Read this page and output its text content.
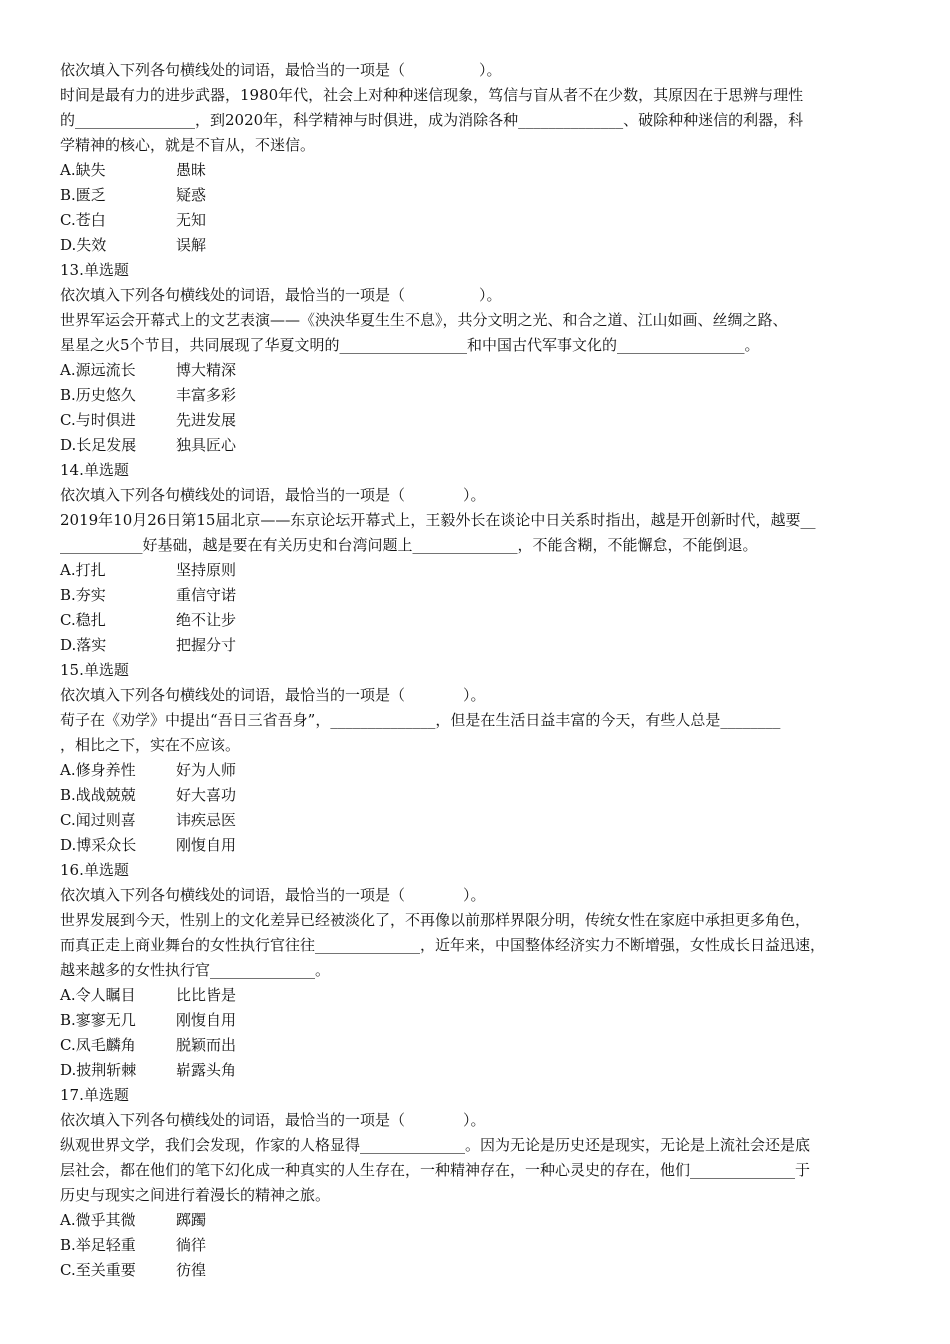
依次填入下列各句横线处的词语，最恰当的一项是（	）。
时间是最有力的进步武器，1980年代，社会上对种种迷信现象，笃信与盲从者不在少数，其原因在于思辨与理性
的________________，到2020年，科学精神与时俱进，成为消除各种______________、破除种种迷信的利器，科
学精神的核心，就是不盲从，不迷信。
A.缺失	愚昧
B.匮乏	疑惑
C.苍白	无知
D.失效	误解
13.单选题
依次填入下列各句横线处的词语，最恰当的一项是（	）。
世界军运会开幕式上的文艺表演——《泱泱华夏生生不息》，共分文明之光、和合之道、江山如画、丝绸之路、
星星之火5个节目，共同展现了华夏文明的_________________和中国古代军事文化的_________________。
A.源远流长	博大精深
B.历史悠久	丰富多彩
C.与时俱进	先进发展
D.长足发展	独具匠心
14.单选题
依次填入下列各句横线处的词语，最恰当的一项是（	）。
2019年10月26日第15届北京——东京论坛开幕式上，王毅外长在谈论中日关系时指出，越是开创新时代，越要__
___________好基础，越是要在有关历史和台湾问题上______________，不能含糊，不能懈怠，不能倒退。
A.打扎	坚持原则
B.夯实	重信守诺
C.稳扎	绝不让步
D.落实	把握分寸
15.单选题
依次填入下列各句横线处的词语，最恰当的一项是（	）。
荀子在《劝学》中提出“吾日三省吾身”，______________，但是在生活日益丰富的今天，有些人总是________
，相比之下，实在不应该。
A.修身养性	好为人师
B.战战兢兢	好大喜功
C.闻过则喜	讳疾忌医
D.博采众长	刚愎自用
16.单选题
依次填入下列各句横线处的词语，最恰当的一项是（	）。
世界发展到今天，性别上的文化差异已经被淡化了，不再像以前那样界限分明，传统女性在家庭中承担更多角色，
而真正走上商业舞台的女性执行官往往______________，近年来，中国整体经济实力不断增强，女性成长日益迅速，
越来越多的女性执行官______________。
A.令人瞩目	比比皆是
B.寥寥无几	刚愎自用
C.凤毛麟角	脱颖而出
D.披荆斩棘	崭露头角
17.单选题
依次填入下列各句横线处的词语，最恰当的一项是（	）。
纵观世界文学，我们会发现，作家的人格显得______________。因为无论是历史还是现实，无论是上流社会还是底
层社会，都在他们的笔下幻化成一种真实的人生存在，一种精神存在，一种心灵史的存在，他们______________于
历史与现实之间进行着漫长的精神之旅。
A.微乎其微	踯躅
B.举足轻重	徜徉
C.至关重要	彷徨
